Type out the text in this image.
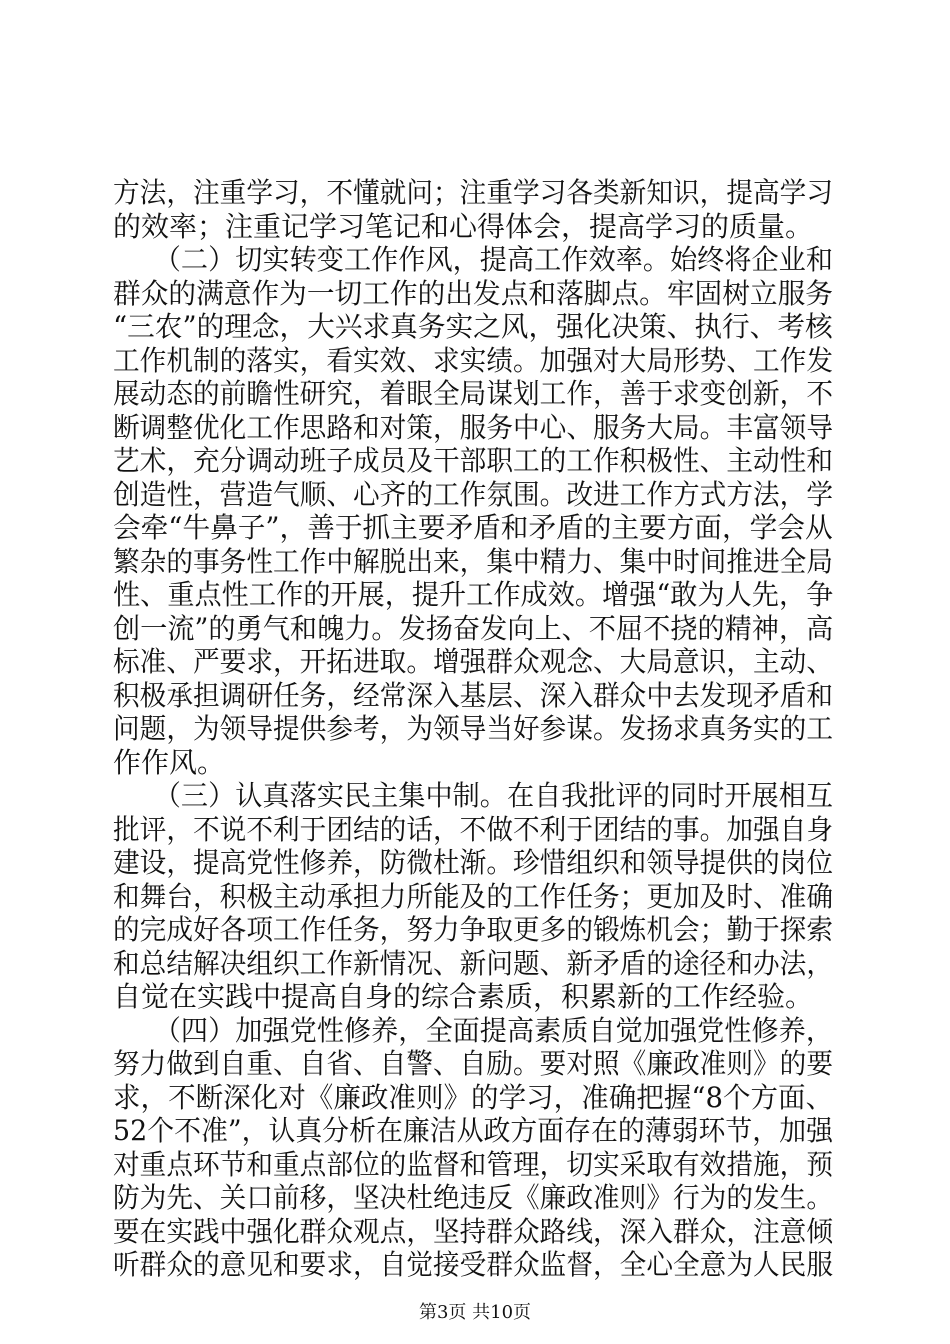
方法，注重学习，不懂就问；注重学习各类新知识，提高学习
的效率；注重记学习笔记和心得体会，提高学习的质量。
　　（二）切实转变工作作风，提高工作效率。始终将企业和
群众的满意作为一切工作的出发点和落脚点。牢固树立服务
“三农”的理念，大兴求真务实之风，强化决策、执行、考核
工作机制的落实，看实效、求实绩。加强对大局形势、工作发
展动态的前瞻性研究，着眼全局谋划工作，善于求变创新，不
断调整优化工作思路和对策，服务中心、服务大局。丰富领导
艺术，充分调动班子成员及干部职工的工作积极性、主动性和
创造性，营造气顺、心齐的工作氛围。改进工作方式方法，学
会牵“牛鼻子”，善于抓主要矛盾和矛盾的主要方面，学会从
繁杂的事务性工作中解脱出来，集中精力、集中时间推进全局
性、重点性工作的开展，提升工作成效。增强“敢为人先，争
创一流”的勇气和魄力。发扬奋发向上、不屈不挠的精神，高
标准、严要求，开拓进取。增强群众观念、大局意识，主动、
积极承担调研任务，经常深入基层、深入群众中去发现矛盾和
问题，为领导提供参考，为领导当好参谋。发扬求真务实的工
作作风。
　　（三）认真落实民主集中制。在自我批评的同时开展相互
批评，不说不利于团结的话，不做不利于团结的事。加强自身
建设，提高党性修养，防微杜渐。珍惜组织和领导提供的岗位
和舞台，积极主动承担力所能及的工作任务；更加及时、准确
的完成好各项工作任务，努力争取更多的锻炼机会；勤于探索
和总结解决组织工作新情况、新问题、新矛盾的途径和办法，
自觉在实践中提高自身的综合素质，积累新的工作经验。
　　（四）加强党性修养，全面提高素质自觉加强党性修养，
努力做到自重、自省、自警、自励。要对照《廉政准则》的要
求，不断深化对《廉政准则》的学习，准确把握“8个方面、
52个不准”，认真分析在廉洁从政方面存在的薄弱环节，加强
对重点环节和重点部位的监督和管理，切实采取有效措施，预
防为先、关口前移，坚决杜绝违反《廉政准则》行为的发生。
要在实践中强化群众观点，坚持群众路线，深入群众，注意倾
听群众的意见和要求，自觉接受群众监督，全心全意为人民服
第3页 共10页
